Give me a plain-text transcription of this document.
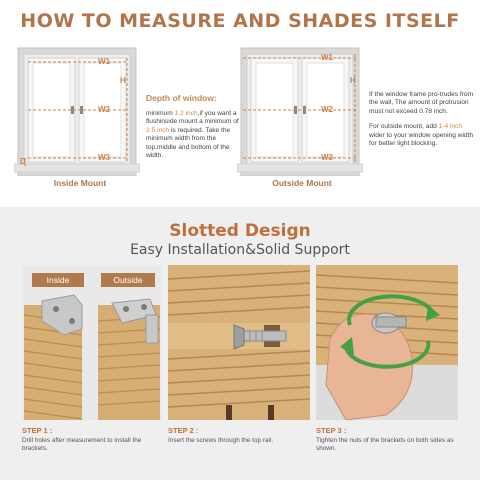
HOW TO MEASURE AND SHADES ITSELF
W1
W2
W3
H
D
Inside Mount
Depth of window:
minimum 1.2 inch,if you want a flushinside mount a minimum of 2.5 inch is required. Take the minimum width from the top,middle and bottom of the width.
W1
W2
W3
H
Outside Mount

If the window frame pro-trudes from the wall, The amount of protrusion must not exceed 0.78 inch.

For outside mount, add 1-4 inch wider to your window opening width for better light blocking.

Slotted Design
Easy Installation&Solid Support
Inside	Outside
STEP 1 :
Drill holes after measurement to install the brackets.
STEP 2 :
Insert the screws through the top rail.
STEP 3 :
Tighten the nuts of the brackets on both sides as shown.
